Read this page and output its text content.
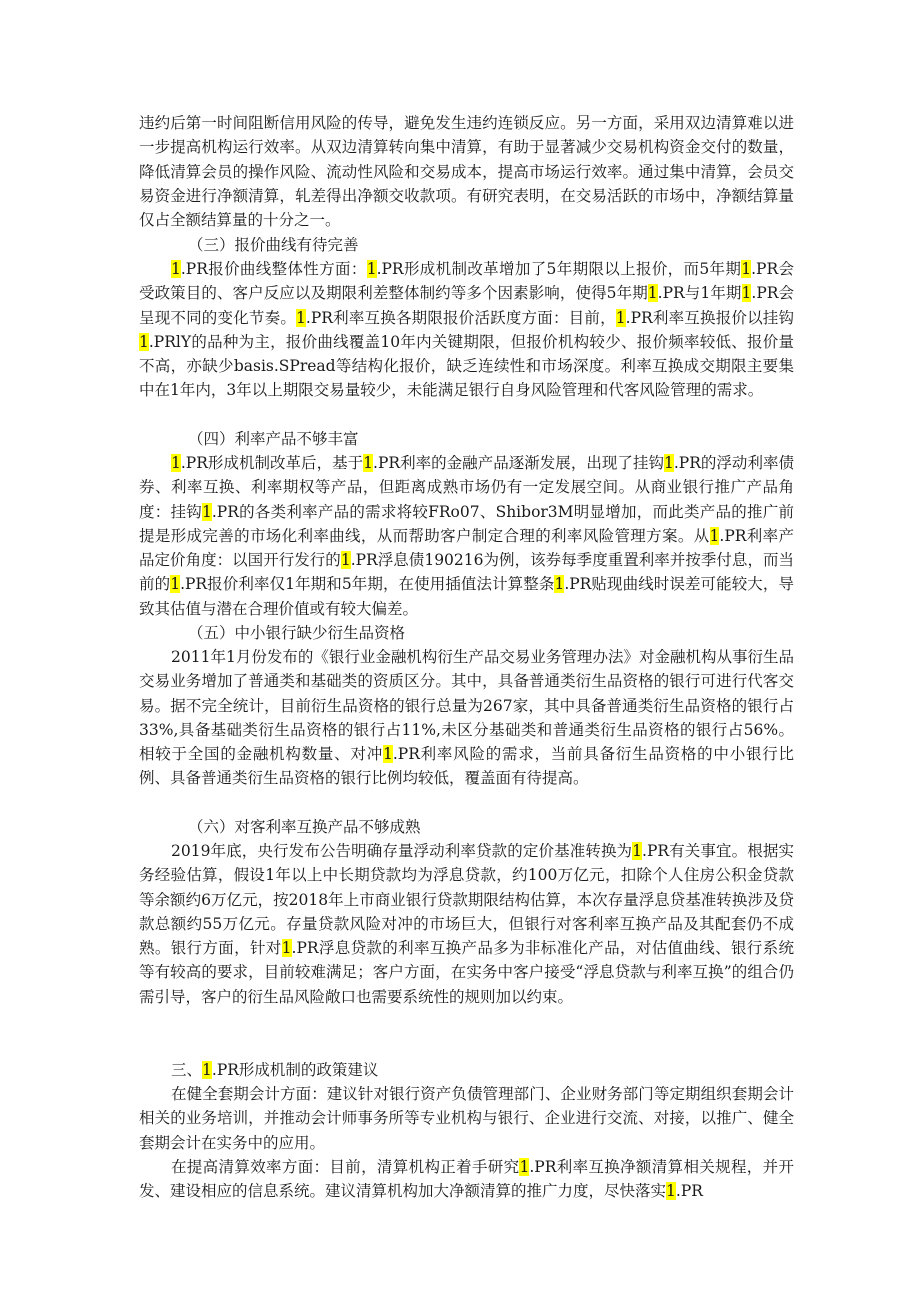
违约后第一时间阻断信用风险的传导，避免发生违约连锁反应。另一方面，采用双边清算难以进一步提高机构运行效率。从双边清算转向集中清算，有助于显著减少交易机构资金交付的数量，降低清算会员的操作风险、流动性风险和交易成本，提高市场运行效率。通过集中清算，会员交易资金进行净额清算，轧差得出净额交收款项。有研究表明，在交易活跃的市场中，净额结算量仅占全额结算量的十分之一。

（三）报价曲线有待完善

1.PR报价曲线整体性方面：1.PR形成机制改革增加了5年期限以上报价，而5年期1.PR会受政策目的、客户反应以及期限利差整体制约等多个因素影响，使得5年期1.PR与1年期1.PR会呈现不同的变化节奏。1.PR利率互换各期限报价活跃度方面：目前，1.PR利率互换报价以挂钩1.PRlY的品种为主，报价曲线覆盖10年内关键期限，但报价机构较少、报价频率较低、报价量不高，亦缺少basis.SPread等结构化报价，缺乏连续性和市场深度。利率互换成交期限主要集中在1年内，3年以上期限交易量较少，未能满足银行自身风险管理和代客风险管理的需求。

（四）利率产品不够丰富

1.PR形成机制改革后，基于1.PR利率的金融产品逐渐发展，出现了挂钩1.PR的浮动利率债券、利率互换、利率期权等产品，但距离成熟市场仍有一定发展空间。从商业银行推广产品角度：挂钩1.PR的各类利率产品的需求将较FRo07、Shibor3M明显增加，而此类产品的推广前提是形成完善的市场化利率曲线，从而帮助客户制定合理的利率风险管理方案。从1.PR利率产品定价角度：以国开行发行的1.PR浮息债190216为例，该券每季度重置利率并按季付息，而当前的1.PR报价利率仅1年期和5年期，在使用插值法计算整条1.PR贴现曲线时误差可能较大，导致其估值与潜在合理价值或有较大偏差。

（五）中小银行缺少衍生品资格

2011年1月份发布的《银行业金融机构衍生产品交易业务管理办法》对金融机构从事衍生品交易业务增加了普通类和基础类的资质区分。其中，具备普通类衍生品资格的银行可进行代客交易。据不完全统计，目前衍生品资格的银行总量为267家，其中具备普通类衍生品资格的银行占33%,具备基础类衍生品资格的银行占11%,未区分基础类和普通类衍生品资格的银行占56%。相较于全国的金融机构数量、对冲1.PR利率风险的需求，当前具备衍生品资格的中小银行比例、具备普通类衍生品资格的银行比例均较低，覆盖面有待提高。

（六）对客利率互换产品不够成熟

2019年底，央行发布公告明确存量浮动利率贷款的定价基准转换为1.PR有关事宜。根据实务经验估算，假设1年以上中长期贷款均为浮息贷款，约100万亿元，扣除个人住房公积金贷款等余额约6万亿元，按2018年上市商业银行贷款期限结构估算，本次存量浮息贷基准转换涉及贷款总额约55万亿元。存量贷款风险对冲的市场巨大，但银行对客利率互换产品及其配套仍不成熟。银行方面，针对1.PR浮息贷款的利率互换产品多为非标准化产品，对估值曲线、银行系统等有较高的要求，目前较难满足；客户方面，在实务中客户接受“浮息贷款与利率互换”的组合仍需引导，客户的衍生品风险敞口也需要系统性的规则加以约束。

三、1.PR形成机制的政策建议

在健全套期会计方面：建议针对银行资产负债管理部门、企业财务部门等定期组织套期会计相关的业务培训，并推动会计师事务所等专业机构与银行、企业进行交流、对接，以推广、健全套期会计在实务中的应用。

在提高清算效率方面：目前，清算机构正着手研究1.PR利率互换净额清算相关规程，并开发、建设相应的信息系统。建议清算机构加大净额清算的推广力度，尽快落实1.PR
